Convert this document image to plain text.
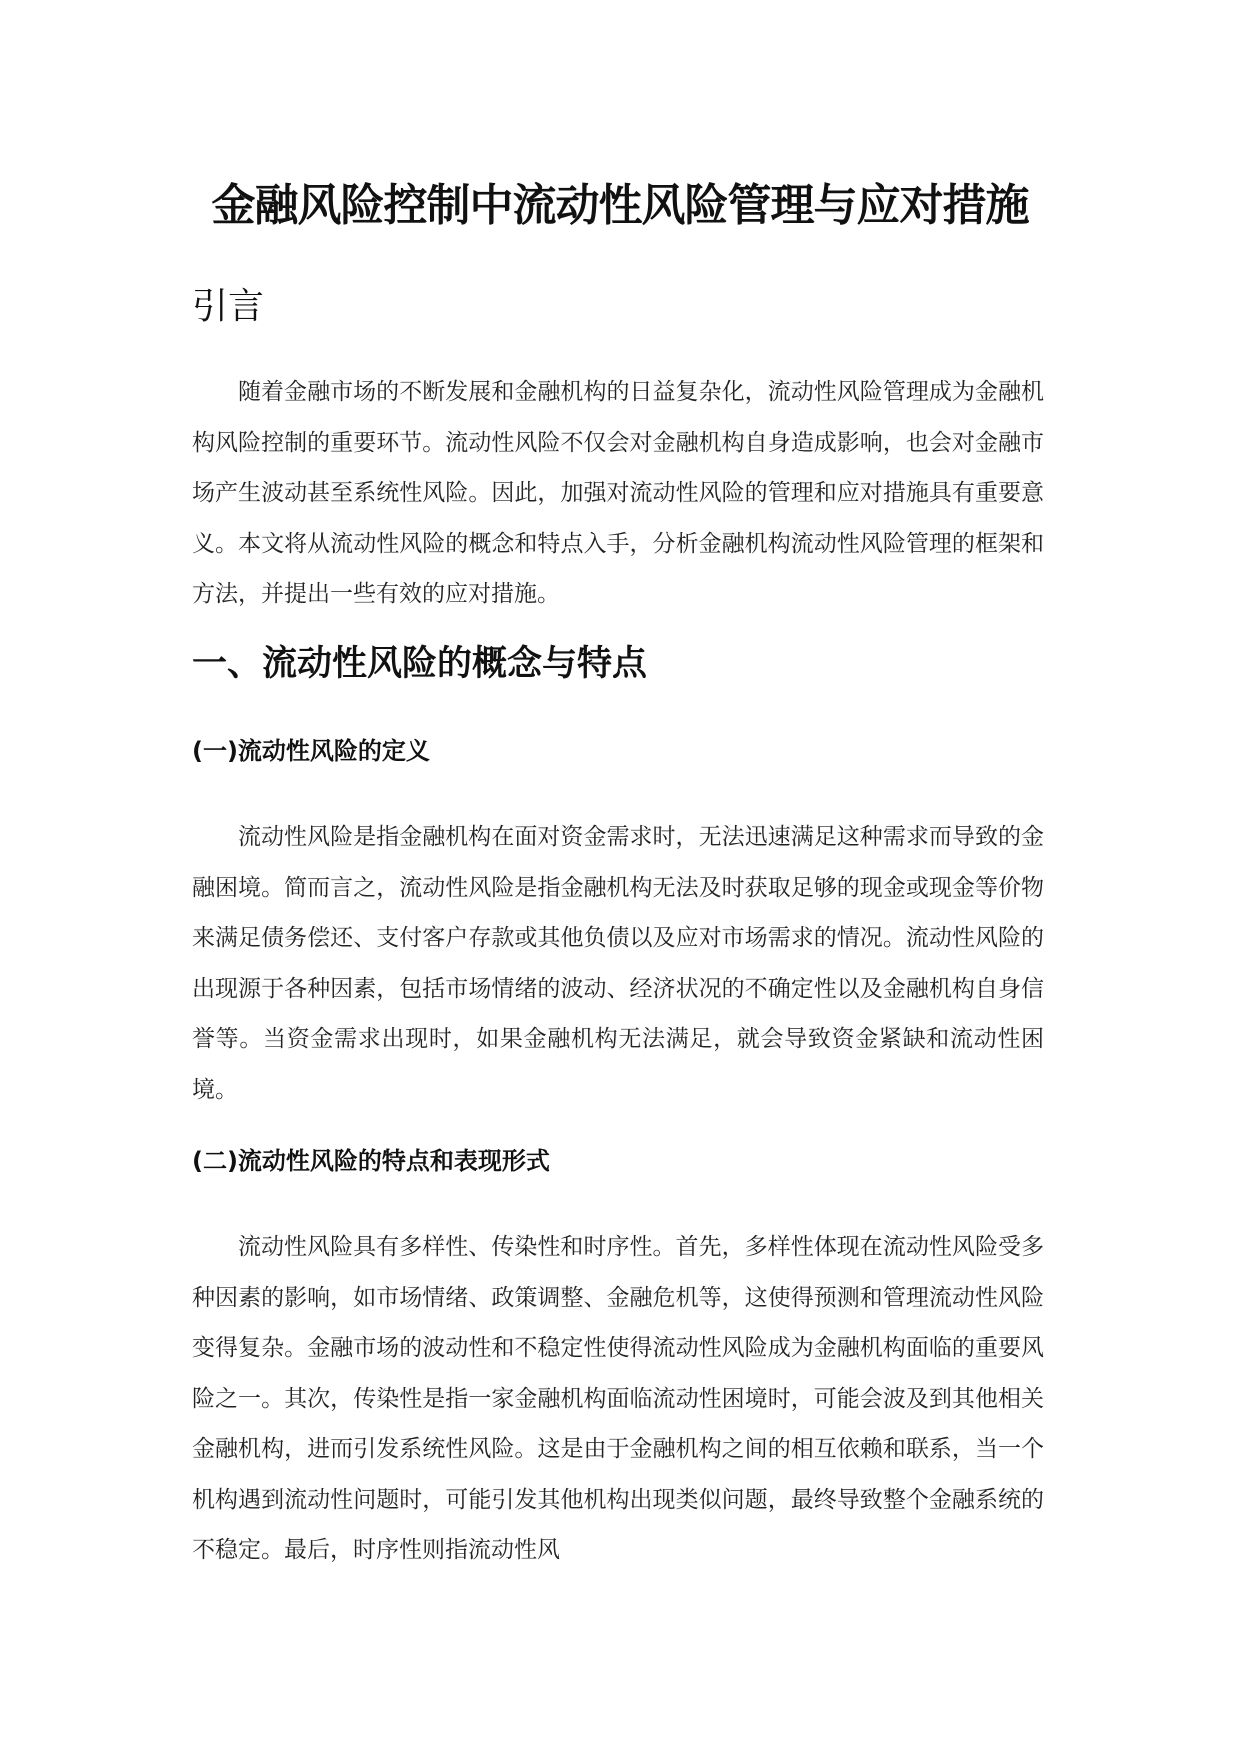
金融风险控制中流动性风险管理与应对措施
引言

随着金融市场的不断发展和金融机构的日益复杂化，流动性风险管理成为金融机构风险控制的重要环节。流动性风险不仅会对金融机构自身造成影响，也会对金融市场产生波动甚至系统性风险。因此，加强对流动性风险的管理和应对措施具有重要意义。本文将从流动性风险的概念和特点入手，分析金融机构流动性风险管理的框架和方法，并提出一些有效的应对措施。

一、流动性风险的概念与特点
(一)流动性风险的定义

流动性风险是指金融机构在面对资金需求时，无法迅速满足这种需求而导致的金融困境。简而言之，流动性风险是指金融机构无法及时获取足够的现金或现金等价物来满足债务偿还、支付客户存款或其他负债以及应对市场需求的情况。流动性风险的出现源于各种因素，包括市场情绪的波动、经济状况的不确定性以及金融机构自身信誉等。当资金需求出现时，如果金融机构无法满足，就会导致资金紧缺和流动性困境。

(二)流动性风险的特点和表现形式

流动性风险具有多样性、传染性和时序性。首先，多样性体现在流动性风险受多种因素的影响，如市场情绪、政策调整、金融危机等，这使得预测和管理流动性风险变得复杂。金融市场的波动性和不稳定性使得流动性风险成为金融机构面临的重要风险之一。其次，传染性是指一家金融机构面临流动性困境时，可能会波及到其他相关金融机构，进而引发系统性风险。这是由于金融机构之间的相互依赖和联系，当一个机构遇到流动性问题时，可能引发其他机构出现类似问题，最终导致整个金融系统的不稳定。最后，时序性则指流动性风
